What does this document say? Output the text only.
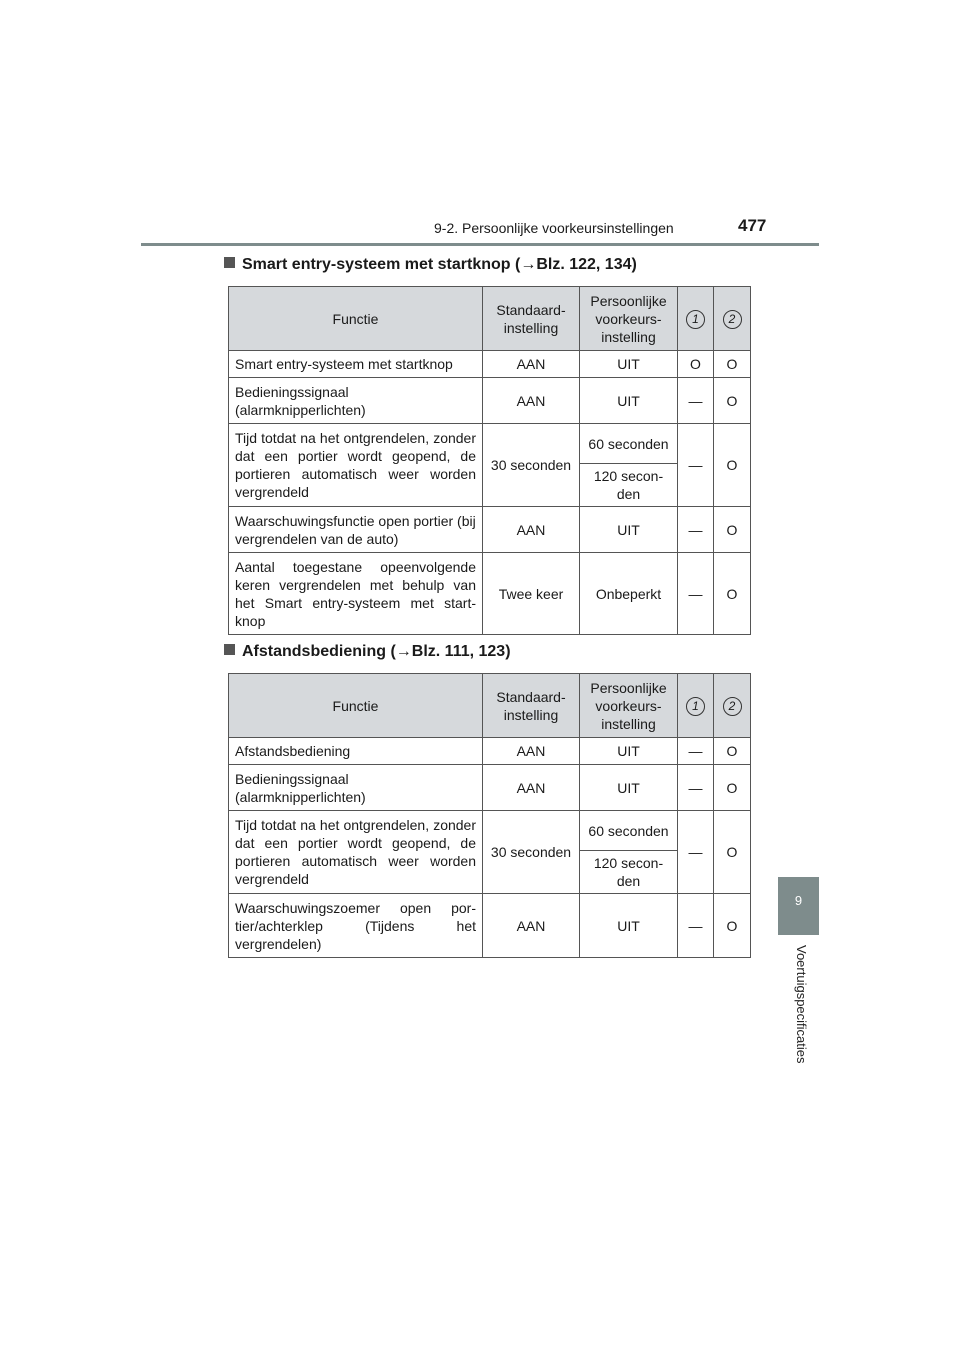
9-2. Persoonlijke voorkeursinstellingen	477
9
Voertuigspecificaties
Smart entry-systeem met startknop (→Blz. 122, 134)
Functie	Standaard-instelling	Persoonlijke voorkeurs-instelling	1	2
Smart entry-systeem met startknop	AAN	UIT	O	O
Bedieningssignaal (alarmknipperlichten)	AAN	UIT	—	O
Tijd totdat na het ontgrendelen, zonder dat een portier wordt geopend, de portieren automatisch weer worden vergrendeld	30 seconden	60 seconden	—	O
		120 secon-den		
Waarschuwingsfunctie open portier (bij vergrendelen van de auto)	AAN	UIT	—	O
Aantal toegestane opeenvolgende keren vergrendelen met behulp van het Smart entry-systeem met start-knop	Twee keer	Onbeperkt	—	O
Afstandsbediening (→Blz. 111, 123)
Functie	Standaard-instelling	Persoonlijke voorkeurs-instelling	1	2
Afstandsbediening	AAN	UIT	—	O
Bedieningssignaal (alarmknipperlichten)	AAN	UIT	—	O
Tijd totdat na het ontgrendelen, zonder dat een portier wordt geopend, de portieren automatisch weer worden vergrendeld	30 seconden	60 seconden	—	O
		120 secon-den		
Waarschuwingszoemer open por-tier/achterklep (Tijdens het vergrendelen)	AAN	UIT	—	O
